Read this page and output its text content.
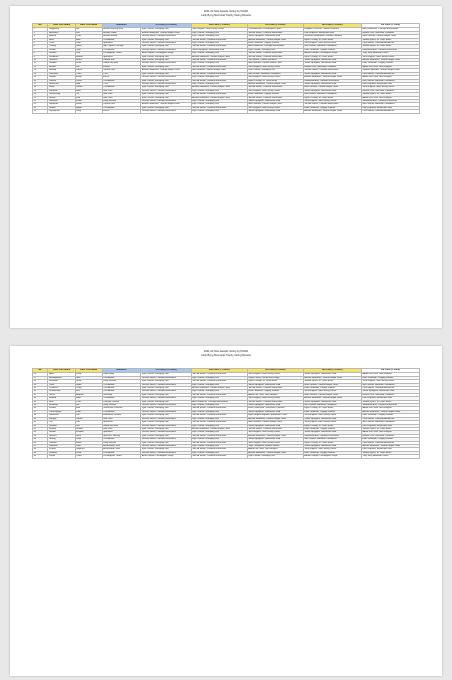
2021-22 NHL Awards Voting by PHWA
Lady Byng Memorial Trophy Voting Results
No.	Voter Last Name	Voter First Name	Affiliation	1st Place (10 Points)	2nd Place (7 Points)	3rd Place (5 Points)	4th Place (3 Points)	5th Place (1 Point)
1	Baggerley	Ian	Boston Hockey Now	Kyle Connor, Winnipeg Jets	Jack Hughes, New Jersey Devils	Cam Atkinson, Philadelphia Flyers	Brayden Tkachuk, Ottawa Senators	Alex DeBrincat, Chicago Blackhawks
2	Bernstein	Joe	Boston Globe	Auston Matthews, Toronto Maple Leafs	Kyle Connor, Winnipeg Jets	Jaccob Slavin, Carolina Hurricanes	Kirill Kaprizov, Minnesota Wild	Roman Josi, Nashville Predators
3	Bourne	Chris	Boston Herald	Jaccob Slavin, Carolina Hurricanes	Kyle Connor, Winnipeg Jets	Jared Spurgeon, Minnesota Wild	Jonathan Huberdeau, Florida Panthers	Mitch Marner, Toronto Maple Leafs
4	Brett	Matt	The Athletic	Kyle Connor, Winnipeg Jets	Jaccob Slavin, Carolina Hurricanes	Auston Matthews, Toronto Maple Leafs	Ryan O'Reilly, St. Louis Blues	Jordan Kyrou, St. Louis Blues
5	Chen	Pam	Sportsnet	Jaccob Slavin, Carolina Hurricanes	Kyle Connor, Winnipeg Jets	Elias Lindholm, Calgary Flames	Jack Hughes, New Jersey Devils	Cale Makar, Colorado Avalanche
6	Conroy	Steve	NBC Sports Chicago	Kyle Connor, Winnipeg Jets	Jaccob Slavin, Carolina Hurricanes	Alex DeBrincat, Chicago Blackhawks	Nick Suzuki, Montreal Canadiens	Jordan Kyrou, St. Louis Blues
7	Dellow	Tyler	The Athletic	Jaccob Slavin, Carolina Hurricanes	Jared Spurgeon, Minnesota Wild	Kyle Connor, Winnipeg Jets	Elias Lindholm, Calgary Flames	Sebastian Aho, Carolina Hurricanes
8	Dillman	Lisa	Los Angeles Times	Anze Kopitar, Los Angeles Kings	Kyle Connor, Winnipeg Jets	Jaccob Slavin, Carolina Hurricanes	Adrian Kempe, Los Angeles Kings	Troy Terry, Anaheim Ducks
9	Friedman	Elliotte	Sportsnet	Kyle Connor, Winnipeg Jets	Auston Matthews, Toronto Maple Leafs	Jaccob Slavin, Carolina Hurricanes	Ryan O'Reilly, St. Louis Blues	Jack Hughes, New Jersey Devils
10	Garrioch	Bruce	Ottawa Sun	Kyle Connor, Winnipeg Jets	Jaccob Slavin, Carolina Hurricanes	Tim Stutzle, Ottawa Senators	Jared Spurgeon, Minnesota Wild	Auston Matthews, Toronto Maple Leafs
11	Gordon	Sean	Globe and Mail	Jaccob Slavin, Carolina Hurricanes	Kyle Connor, Winnipeg Jets	Mitch Marner, Toronto Maple Leafs	Jared Spurgeon, Minnesota Wild	Elias Lindholm, Calgary Flames
12	Hackel	Stu	Forbes	Kyle Connor, Winnipeg Jets	Jaccob Slavin, Carolina Hurricanes	Jack Hughes, New Jersey Devils	Roman Josi, Nashville Predators	Adam Fox, New York Rangers
13	Hornby	Lance	Toronto Sun	Auston Matthews, Toronto Maple Leafs	Mitch Marner, Toronto Maple Leafs	Kyle Connor, Winnipeg Jets	Jaccob Slavin, Carolina Hurricanes	William Nylander, Toronto Maple Leafs
14	Johnston	Chris	TSN	Kyle Connor, Winnipeg Jets	Jaccob Slavin, Carolina Hurricanes	Nick Suzuki, Montreal Canadiens	Jared Spurgeon, Minnesota Wild	Cale Makar, Colorado Avalanche
15	Kaplan	Emily	ESPN	Jaccob Slavin, Carolina Hurricanes	Kyle Connor, Winnipeg Jets	Jack Hughes, New Jersey Devils	Auston Matthews, Toronto Maple Leafs	Adam Fox, New York Rangers
16	LeBrun	Pierre	The Athletic	Kyle Connor, Winnipeg Jets	Jaccob Slavin, Carolina Hurricanes	Ryan O'Reilly, St. Louis Blues	Sebastian Aho, Carolina Hurricanes	Nick Suzuki, Montreal Canadiens
17	McKenzie	Bob	TSN	Jaccob Slavin, Carolina Hurricanes	Kyle Connor, Winnipeg Jets	Auston Matthews, Toronto Maple Leafs	Jared Spurgeon, Minnesota Wild	Kirill Kaprizov, Minnesota Wild
18	Mirtle	James	The Athletic	Kyle Connor, Winnipeg Jets	Auston Matthews, Toronto Maple Leafs	Jaccob Slavin, Carolina Hurricanes	Mitch Marner, Toronto Maple Leafs	Jack Hughes, New Jersey Devils
19	Morreale	Mike	NHL.com	Jaccob Slavin, Carolina Hurricanes	Kyle Connor, Winnipeg Jets	Jack Hughes, New Jersey Devils	Jared Spurgeon, Minnesota Wild	Roman Josi, Nashville Predators
20	Pinchevsky	Tal	NHL.com	Kyle Connor, Winnipeg Jets	Jaccob Slavin, Carolina Hurricanes	Elias Lindholm, Calgary Flames	Nick Suzuki, Montreal Canadiens	Jordan Kyrou, St. Louis Blues
21	Rosen	Dan	NHL.com	Kyle Connor, Winnipeg Jets	Auston Matthews, Toronto Maple Leafs	Jaccob Slavin, Carolina Hurricanes	Ryan O'Reilly, St. Louis Blues	Adam Fox, New York Rangers
22	Seravalli	Frank	Daily Faceoff	Jaccob Slavin, Carolina Hurricanes	Kyle Connor, Winnipeg Jets	Jared Spurgeon, Minnesota Wild	Jack Hughes, New Jersey Devils	Sebastian Aho, Carolina Hurricanes
23	Simmons	Steve	Toronto Sun	Auston Matthews, Toronto Maple Leafs	Kyle Connor, Winnipeg Jets	Mitch Marner, Toronto Maple Leafs	Jaccob Slavin, Carolina Hurricanes	Nick Suzuki, Montreal Canadiens
24	Stubits	Bryan	The Athletic	Kyle Connor, Winnipeg Jets	Jaccob Slavin, Carolina Hurricanes	Jack Hughes, New Jersey Devils	Elias Lindholm, Calgary Flames	Kirill Kaprizov, Minnesota Wild
25	Wyshynski	Greg	ESPN	Jaccob Slavin, Carolina Hurricanes	Kyle Connor, Winnipeg Jets	Jared Spurgeon, Minnesota Wild	Auston Matthews, Toronto Maple Leafs	Cale Makar, Colorado Avalanche
2021-22 NHL Awards Voting by PHWA
Lady Byng Memorial Trophy Voting Results
No.	Voter Last Name	Voter First Name	Affiliation	1st Place (10 Points)	2nd Place (7 Points)	3rd Place (5 Points)	4th Place (3 Points)	5th Place (1 Point)
26	Allen	Kevin	USA Today	Kyle Connor, Winnipeg Jets	Jaccob Slavin, Carolina Hurricanes	Jack Hughes, New Jersey Devils	Jared Spurgeon, Minnesota Wild	Adam Fox, New York Rangers
27	Baumgartner	Nick	The Athletic	Jaccob Slavin, Carolina Hurricanes	Kyle Connor, Winnipeg Jets	Dylan Larkin, Detroit Red Wings	Auston Matthews, Toronto Maple Leafs	Elias Lindholm, Calgary Flames
28	Burnside	Scott	Daily Faceoff	Kyle Connor, Winnipeg Jets	Jaccob Slavin, Carolina Hurricanes	Ryan O'Reilly, St. Louis Blues	Jordan Kyrou, St. Louis Blues	Jack Hughes, New Jersey Devils
29	Clark	Ryan	The Athletic	Jaccob Slavin, Carolina Hurricanes	Kyle Connor, Winnipeg Jets	Jared Spurgeon, Minnesota Wild	Mitch Marner, Toronto Maple Leafs	Nick Suzuki, Montreal Canadiens
30	Custance	Craig	The Athletic	Kyle Connor, Winnipeg Jets	Auston Matthews, Toronto Maple Leafs	Jaccob Slavin, Carolina Hurricanes	Elias Lindholm, Calgary Flames	Cale Makar, Colorado Avalanche
31	Duhatschek	Eric	The Athletic	Jaccob Slavin, Carolina Hurricanes	Kyle Connor, Winnipeg Jets	Elias Lindholm, Calgary Flames	Jack Hughes, New Jersey Devils	Jared Spurgeon, Minnesota Wild
32	Gross	Andrew	Newsday	Kyle Connor, Winnipeg Jets	Jaccob Slavin, Carolina Hurricanes	Adam Fox, New York Rangers	Mitch Marner, Toronto Maple Leafs	Roman Josi, Nashville Predators
33	Halford	Mike	The Athletic	Jaccob Slavin, Carolina Hurricanes	Kyle Connor, Winnipeg Jets	Jack Hughes, New Jersey Devils	Auston Matthews, Toronto Maple Leafs	Kirill Kaprizov, Minnesota Wild
34	Hine	Chris	Chicago Tribune	Kyle Connor, Winnipeg Jets	Alex DeBrincat, Chicago Blackhawks	Jaccob Slavin, Carolina Hurricanes	Jared Spurgeon, Minnesota Wild	Jordan Kyrou, St. Louis Blues
35	Kennedy	Ian	Daily Faceoff	Jaccob Slavin, Carolina Hurricanes	Kyle Connor, Winnipeg Jets	Jared Spurgeon, Minnesota Wild	Nick Suzuki, Montreal Canadiens	Sebastian Aho, Carolina Hurricanes
36	Kuzma	Ben	Vancouver Province	Kyle Connor, Winnipeg Jets	Jaccob Slavin, Carolina Hurricanes	Elias Pettersson, Vancouver Canucks	Ryan O'Reilly, St. Louis Blues	Adam Fox, New York Rangers
37	Luszczyszyn	Dom	The Athletic	Jaccob Slavin, Carolina Hurricanes	Kyle Connor, Winnipeg Jets	Jared Spurgeon, Minnesota Wild	Elias Lindholm, Calgary Flames	Auston Matthews, Toronto Maple Leafs
38	Matheson	Jim	Edmonton Journal	Kyle Connor, Winnipeg Jets	Jaccob Slavin, Carolina Hurricanes	Ryan Nugent-Hopkins, Edmonton Oilers	Jack Hughes, New Jersey Devils	Elias Lindholm, Calgary Flames
39	Murphy	James	NHL.com	Jaccob Slavin, Carolina Hurricanes	Kyle Connor, Winnipeg Jets	Auston Matthews, Toronto Maple Leafs	Jared Spurgeon, Minnesota Wild	Cale Makar, Colorado Avalanche
40	Ohl	Joe	Sportsnet	Kyle Connor, Winnipeg Jets	Jaccob Slavin, Carolina Hurricanes	Mitch Marner, Toronto Maple Leafs	Jack Hughes, New Jersey Devils	Nick Suzuki, Montreal Canadiens
41	Pelletier	Joe	Globe and Mail	Jaccob Slavin, Carolina Hurricanes	Kyle Connor, Winnipeg Jets	Jared Spurgeon, Minnesota Wild	Ryan O'Reilly, St. Louis Blues	Kirill Kaprizov, Minnesota Wild
42	Roarke	Shawn	NHL.com	Kyle Connor, Winnipeg Jets	Auston Matthews, Toronto Maple Leafs	Jaccob Slavin, Carolina Hurricanes	Elias Lindholm, Calgary Flames	Jordan Kyrou, St. Louis Blues
43	Shilton	Kristina	Sportsnet	Jaccob Slavin, Carolina Hurricanes	Kyle Connor, Winnipeg Jets	Jack Hughes, New Jersey Devils	Jared Spurgeon, Minnesota Wild	Adam Fox, New York Rangers
44	Spector	Mark	Spector's Hockey	Kyle Connor, Winnipeg Jets	Jaccob Slavin, Carolina Hurricanes	Auston Matthews, Toronto Maple Leafs	Sebastian Aho, Carolina Hurricanes	Roman Josi, Nashville Predators
45	Strang	Katie	The Athletic	Jaccob Slavin, Carolina Hurricanes	Kyle Connor, Winnipeg Jets	Jared Spurgeon, Minnesota Wild	Nick Suzuki, Montreal Canadiens	Elias Lindholm, Calgary Flames
46	Teaford	Elliott	Daily Faceoff	Kyle Connor, Winnipeg Jets	Jaccob Slavin, Carolina Hurricanes	Jack Hughes, New Jersey Devils	Ryan O'Reilly, St. Louis Blues	Cale Makar, Colorado Avalanche
47	Wawrow	John	Associated Press	Jaccob Slavin, Carolina Hurricanes	Kyle Connor, Winnipeg Jets	Tage Thompson, Buffalo Sabres	Jared Spurgeon, Minnesota Wild	Auston Matthews, Toronto Maple Leafs
48	Whyno	Stephen	Associated Press	Kyle Connor, Winnipeg Jets	Jaccob Slavin, Carolina Hurricanes	Adam Fox, New York Rangers	Jack Hughes, New Jersey Devils	Kirill Kaprizov, Minnesota Wild
49	Wheeler	Scott	The Athletic	Jaccob Slavin, Carolina Hurricanes	Kyle Connor, Winnipeg Jets	Auston Matthews, Toronto Maple Leafs	Elias Lindholm, Calgary Flames	Jordan Kyrou, St. Louis Blues
50	Zupke	Curtis	Los Angeles Times	Anze Kopitar, Los Angeles Kings	Jaccob Slavin, Carolina Hurricanes	Kyle Connor, Winnipeg Jets	Adrian Kempe, Los Angeles Kings	Troy Terry, Anaheim Ducks
